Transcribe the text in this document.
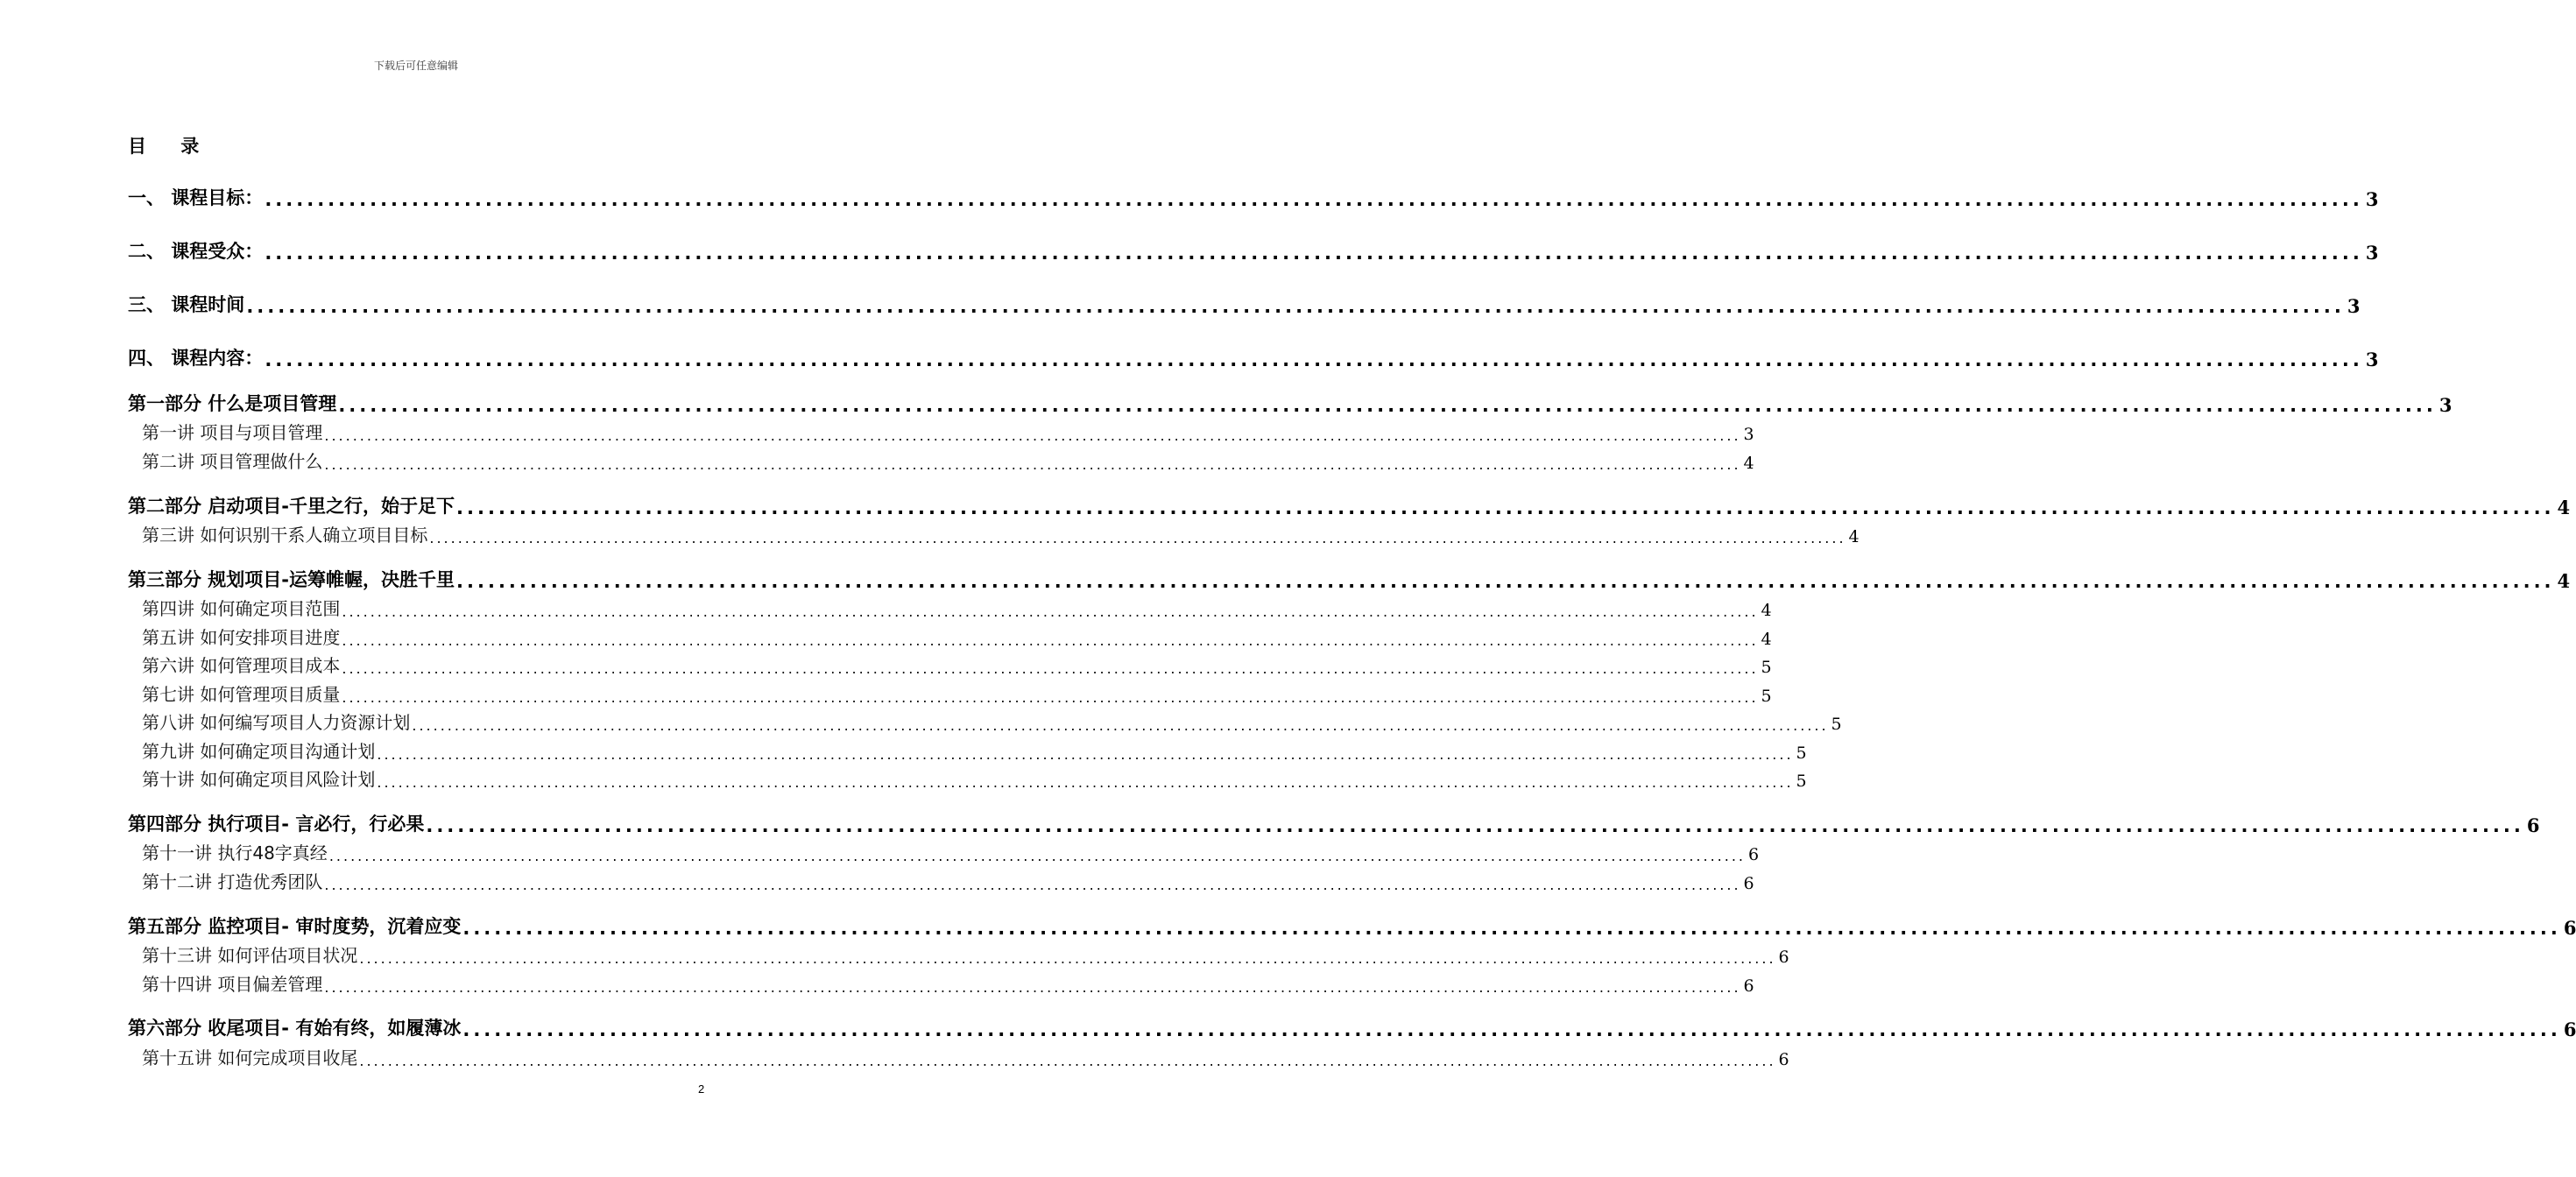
下载后可任意编辑
目 录
一、 课程目标： ........................................................................................................................................................................................................ 3
二、 课程受众： ........................................................................................................................................................................................................ 3
三、 课程时间 ........................................................................................................................................................................................................ 3
四、 课程内容： ........................................................................................................................................................................................................ 3
第一部分 什么是项目管理 ........................................................................................................................................................................................................ 3
第一讲 项目与项目管理 ........................................................................................................................................................................................................ 3
第二讲 项目管理做什么 ........................................................................................................................................................................................................ 4
第二部分 启动项目-千里之行，始于足下 ........................................................................................................................................................................................................ 4
第三讲 如何识别干系人确立项目目标 ........................................................................................................................................................................................................ 4
第三部分 规划项目-运筹帷幄，决胜千里 ........................................................................................................................................................................................................ 4
第四讲 如何确定项目范围 ........................................................................................................................................................................................................ 4
第五讲 如何安排项目进度 ........................................................................................................................................................................................................ 4
第六讲 如何管理项目成本 ........................................................................................................................................................................................................ 5
第七讲 如何管理项目质量 ........................................................................................................................................................................................................ 5
第八讲 如何编写项目人力资源计划 ........................................................................................................................................................................................................ 5
第九讲 如何确定项目沟通计划 ........................................................................................................................................................................................................ 5
第十讲 如何确定项目风险计划 ........................................................................................................................................................................................................ 5
第四部分 执行项目- 言必行，行必果 ........................................................................................................................................................................................................ 6
第十一讲 执行48字真经 ........................................................................................................................................................................................................ 6
第十二讲 打造优秀团队 ........................................................................................................................................................................................................ 6
第五部分 监控项目- 审时度势，沉着应变 ........................................................................................................................................................................................................ 6
第十三讲 如何评估项目状况 ........................................................................................................................................................................................................ 6
第十四讲 项目偏差管理 ........................................................................................................................................................................................................ 6
第六部分 收尾项目- 有始有终，如履薄冰 ........................................................................................................................................................................................................ 6
第十五讲 如何完成项目收尾 ........................................................................................................................................................................................................ 6
2
